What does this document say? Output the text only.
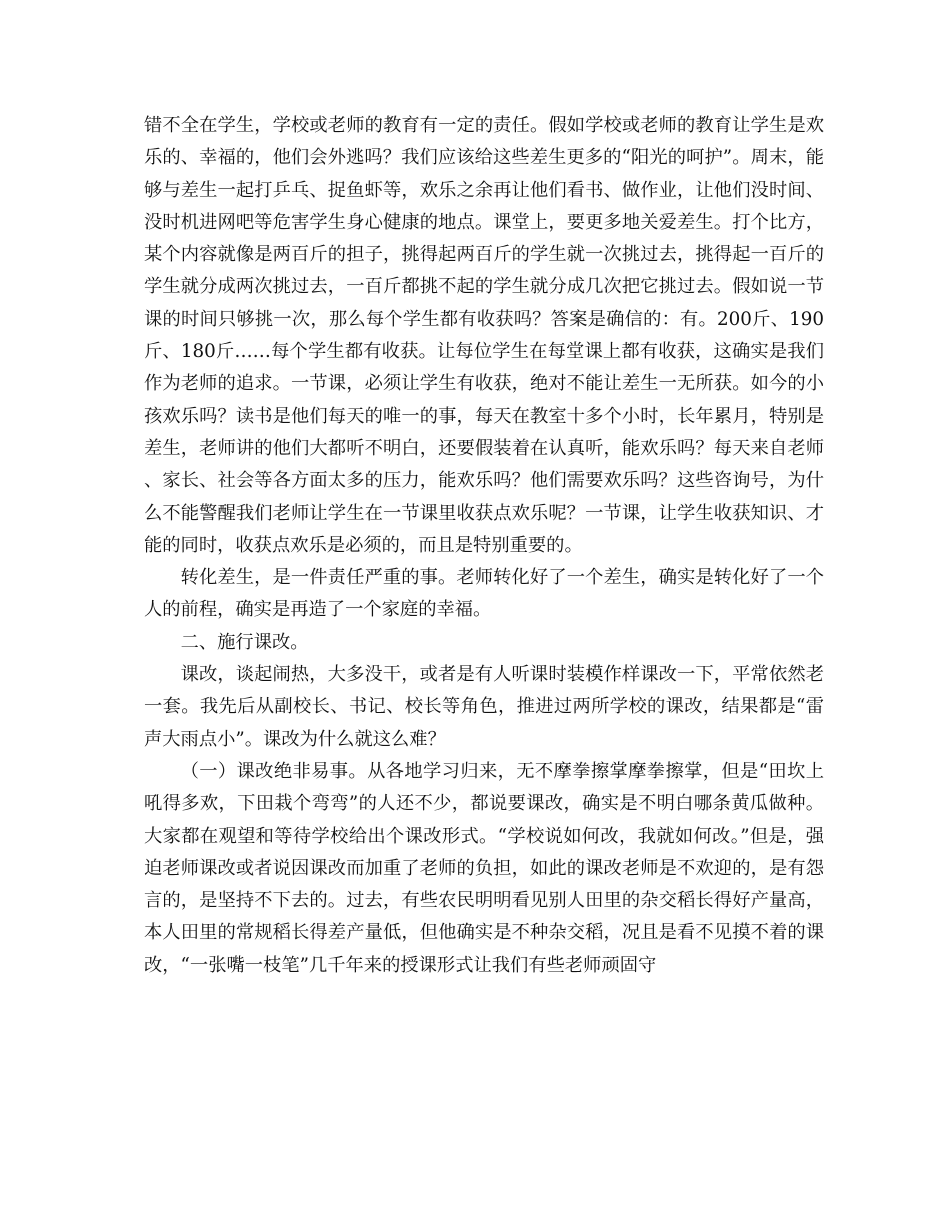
错不全在学生，学校或老师的教育有一定的责任。假如学校或老师的教育让学生是欢乐的、幸福的，他们会外逃吗？我们应该给这些差生更多的“阳光的呵护”。周末，能够与差生一起打乒乓、捉鱼虾等，欢乐之余再让他们看书、做作业，让他们没时间、没时机进网吧等危害学生身心健康的地点。课堂上，要更多地关爱差生。打个比方，某个内容就像是两百斤的担子，挑得起两百斤的学生就一次挑过去，挑得起一百斤的学生就分成两次挑过去，一百斤都挑不起的学生就分成几次把它挑过去。假如说一节课的时间只够挑一次，那么每个学生都有收获吗？答案是确信的：有。200斤、190斤、180斤……每个学生都有收获。让每位学生在每堂课上都有收获，这确实是我们作为老师的追求。一节课，必须让学生有收获，绝对不能让差生一无所获。如今的小孩欢乐吗？读书是他们每天的唯一的事，每天在教室十多个小时，长年累月，特别是差生，老师讲的他们大都听不明白，还要假装着在认真听，能欢乐吗？每天来自老师、家长、社会等各方面太多的压力，能欢乐吗？他们需要欢乐吗？这些咨询号，为什么不能警醒我们老师让学生在一节课里收获点欢乐呢？一节课，让学生收获知识、才能的同时，收获点欢乐是必须的，而且是特别重要的。

转化差生，是一件责任严重的事。老师转化好了一个差生，确实是转化好了一个人的前程，确实是再造了一个家庭的幸福。

二、施行课改。

课改，谈起闹热，大多没干，或者是有人听课时装模作样课改一下，平常依然老一套。我先后从副校长、书记、校长等角色，推进过两所学校的课改，结果都是“雷声大雨点小”。课改为什么就这么难？

（一）课改绝非易事。从各地学习归来，无不摩拳擦掌摩拳擦掌，但是“田坎上吼得多欢，下田栽个弯弯”的人还不少，都说要课改，确实是不明白哪条黄瓜做种。大家都在观望和等待学校给出个课改形式。“学校说如何改，我就如何改。”但是，强迫老师课改或者说因课改而加重了老师的负担，如此的课改老师是不欢迎的，是有怨言的，是坚持不下去的。过去，有些农民明明看见别人田里的杂交稻长得好产量高，本人田里的常规稻长得差产量低，但他确实是不种杂交稻，况且是看不见摸不着的课改，“一张嘴一枝笔”几千年来的授课形式让我们有些老师顽固守
